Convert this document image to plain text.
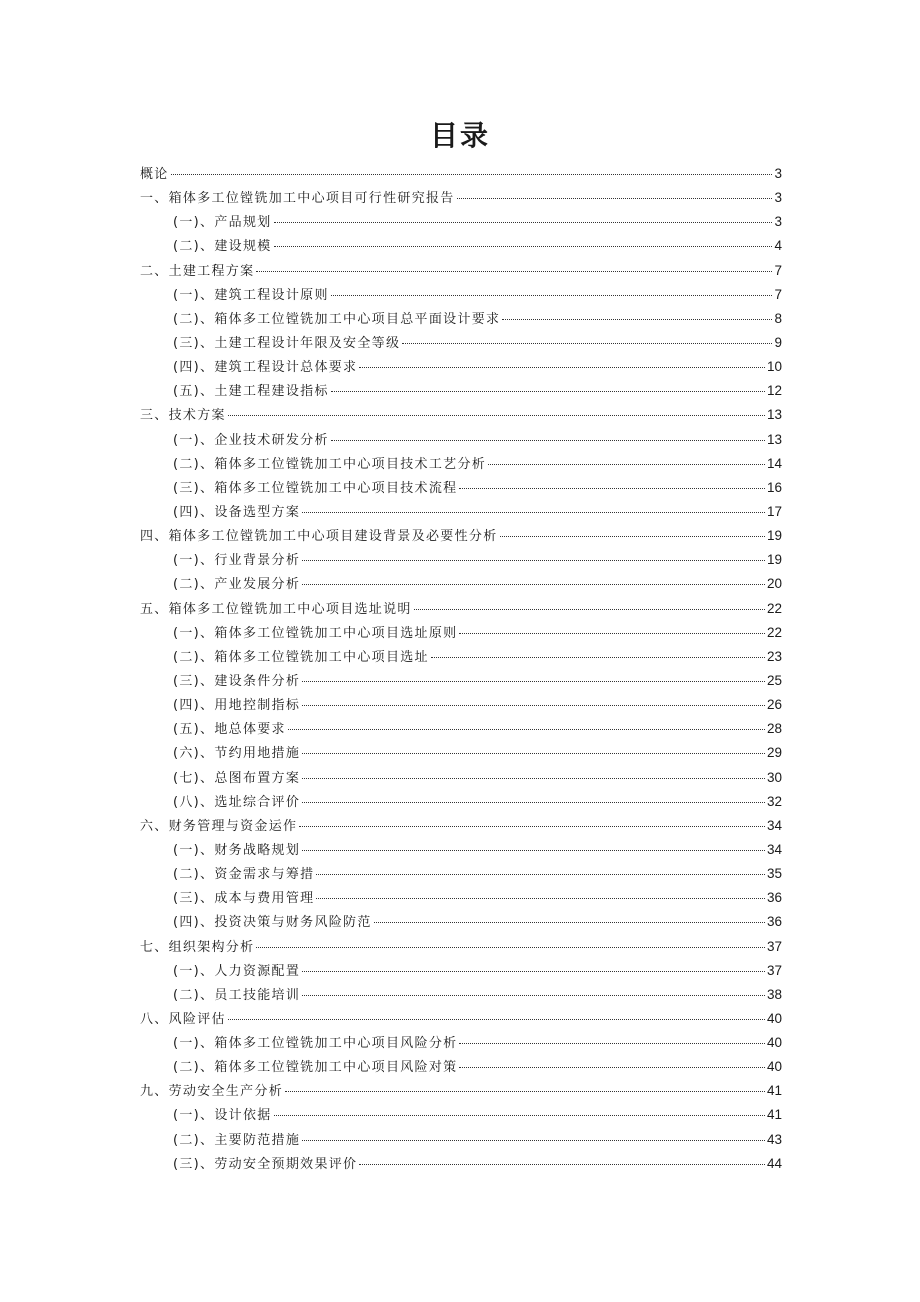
目录
概论	3
一、箱体多工位镗铣加工中心项目可行性研究报告	3
(一)、产品规划	3
(二)、建设规模	4
二、土建工程方案	7
(一)、建筑工程设计原则	7
(二)、箱体多工位镗铣加工中心项目总平面设计要求	8
(三)、土建工程设计年限及安全等级	9
(四)、建筑工程设计总体要求	10
(五)、土建工程建设指标	12
三、技术方案	13
(一)、企业技术研发分析	13
(二)、箱体多工位镗铣加工中心项目技术工艺分析	14
(三)、箱体多工位镗铣加工中心项目技术流程	16
(四)、设备选型方案	17
四、箱体多工位镗铣加工中心项目建设背景及必要性分析	19
(一)、行业背景分析	19
(二)、产业发展分析	20
五、箱体多工位镗铣加工中心项目选址说明	22
(一)、箱体多工位镗铣加工中心项目选址原则	22
(二)、箱体多工位镗铣加工中心项目选址	23
(三)、建设条件分析	25
(四)、用地控制指标	26
(五)、地总体要求	28
(六)、节约用地措施	29
(七)、总图布置方案	30
(八)、选址综合评价	32
六、财务管理与资金运作	34
(一)、财务战略规划	34
(二)、资金需求与筹措	35
(三)、成本与费用管理	36
(四)、投资决策与财务风险防范	36
七、组织架构分析	37
(一)、人力资源配置	37
(二)、员工技能培训	38
八、风险评估	40
(一)、箱体多工位镗铣加工中心项目风险分析	40
(二)、箱体多工位镗铣加工中心项目风险对策	40
九、劳动安全生产分析	41
(一)、设计依据	41
(二)、主要防范措施	43
(三)、劳动安全预期效果评价	44
